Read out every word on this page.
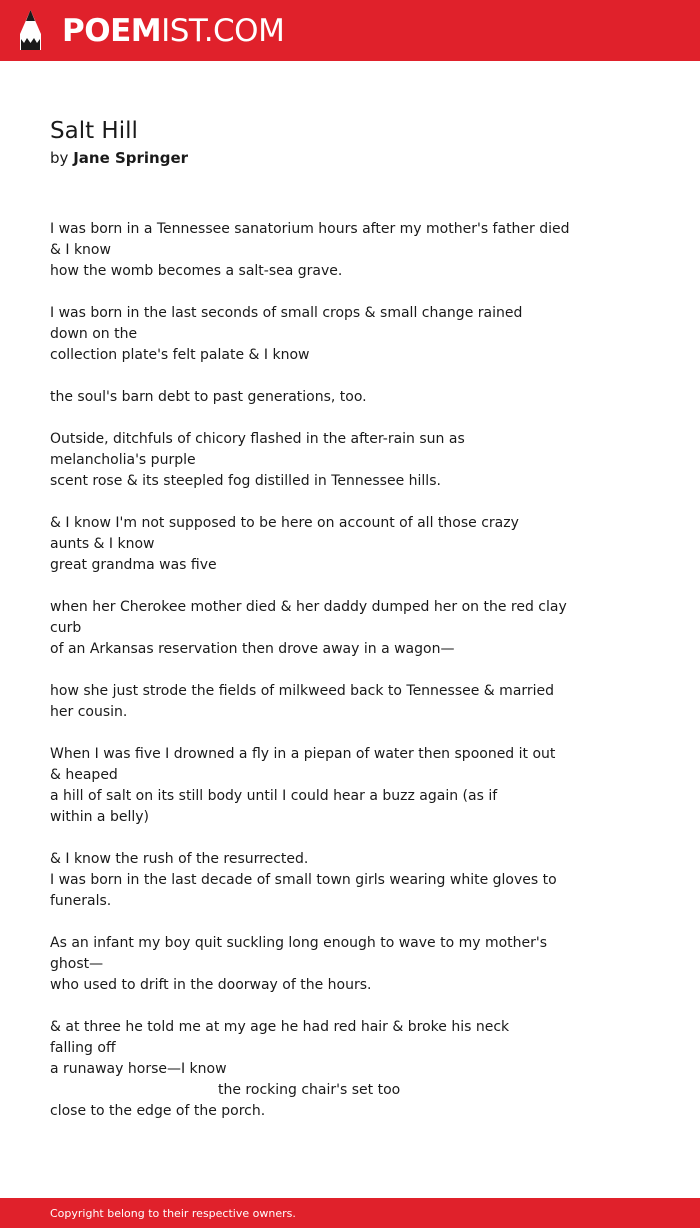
POEMIST.COM
Salt Hill
by Jane Springer
I was born in a Tennessee sanatorium hours after my mother's father died
& I know
how the womb becomes a salt-sea grave.
I was born in the last seconds of small crops & small change rained
down on the
collection plate's felt palate & I know
the soul's barn debt to past generations, too.
Outside, ditchfuls of chicory flashed in the after-rain sun as
melancholia's purple
scent rose & its steepled fog distilled in Tennessee hills.
& I know I'm not supposed to be here on account of all those crazy
aunts & I know
great grandma was five
when her Cherokee mother died & her daddy dumped her on the red clay
curb
of an Arkansas reservation then drove away in a wagon—
how she just strode the fields of milkweed back to Tennessee & married
her cousin.
When I was five I drowned a fly in a piepan of water then spooned it out
& heaped
a hill of salt on its still body until I could hear a buzz again (as if
within a belly)
& I know the rush of the resurrected.
I was born in the last decade of small town girls wearing white gloves to
funerals.
As an infant my boy quit suckling long enough to wave to my mother's
ghost—
who used to drift in the doorway of the hours.
& at three he told me at my age he had red hair & broke his neck
falling off
a runaway horse—I know
the rocking chair's set too
close to the edge of the porch.
Copyright belong to their respective owners.
